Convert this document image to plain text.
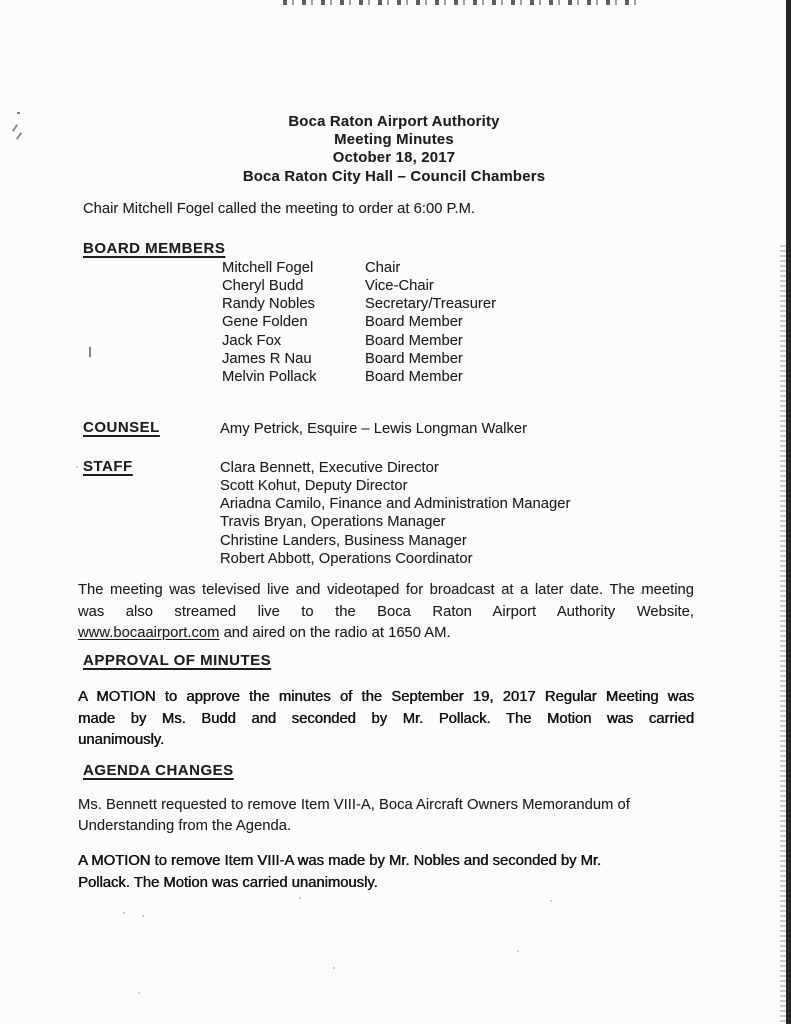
Boca Raton Airport Authority
Meeting Minutes
October 18, 2017
Boca Raton City Hall – Council Chambers
Chair Mitchell Fogel called the meeting to order at 6:00 P.M.
BOARD MEMBERS
Mitchell Fogel	Chair
Cheryl Budd	Vice-Chair
Randy Nobles	Secretary/Treasurer
Gene Folden	Board Member
Jack Fox	Board Member
James R Nau	Board Member
Melvin Pollack	Board Member
COUNSEL	Amy Petrick, Esquire – Lewis Longman Walker
STAFF	Clara Bennett, Executive Director
Scott Kohut, Deputy Director
Ariadna Camilo, Finance and Administration Manager
Travis Bryan, Operations Manager
Christine Landers, Business Manager
Robert Abbott, Operations Coordinator
The meeting was televised live and videotaped for broadcast at a later date. The meeting
was also streamed live to the Boca Raton Airport Authority Website,
www.bocaairport.com and aired on the radio at 1650 AM.
APPROVAL OF MINUTES
A MOTION to approve the minutes of the September 19, 2017 Regular Meeting was
made by Ms. Budd and seconded by Mr. Pollack. The Motion was carried
unanimously.
AGENDA CHANGES
Ms. Bennett requested to remove Item VIII-A, Boca Aircraft Owners Memorandum of
Understanding from the Agenda.
A MOTION to remove Item VIII-A was made by Mr. Nobles and seconded by Mr.
Pollack. The Motion was carried unanimously.
